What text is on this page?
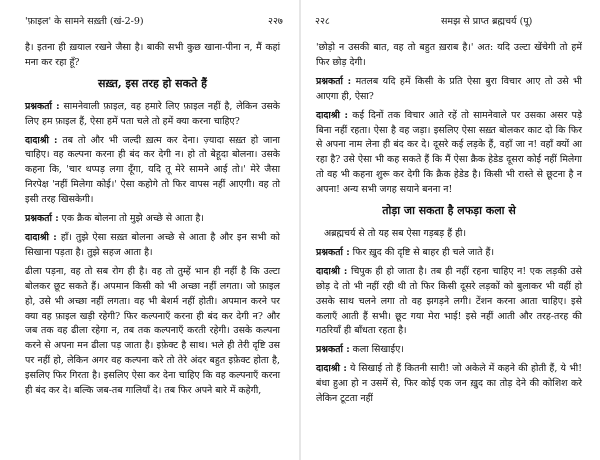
'फ़ाइल' के सामने सख़्ती (खं-2-9)	२२७

है। इतना ही ख़याल रखने जैसा है। बाकी सभी कुछ खाना-पीना न, मैं कहां मना कर रहा हूँ?

सख़्त, इस तरह हो सकते हैं

प्रश्नकर्ता : सामनेवाली फ़ाइल, वह हमारे लिए फ़ाइल नहीं है, लेकिन उसके लिए हम फ़ाइल हैं, ऐसा हमें पता चले तो हमें क्या करना चाहिए?

दादाश्री : तब तो और भी जल्दी ख़त्म कर देना। ज़्यादा सख़्त हो जाना चाहिए। वह कल्पना करना ही बंद कर देगी न। हो तो बेहूदा बोलना। उसके कहना कि, 'चार थप्पड़ लगा दूँगा, यदि तू मेरे सामने आई तो।' मेरे जैसा निरपेक्ष 'नहीं मिलेगा कोई।' ऐसा कहोगे तो फिर वापस नहीं आएगी। वह तो इसी तरह खिसकेगी।

प्रश्नकर्ता : एक क्रैक बोलना तो मुझे अच्छे से आता है।

दादाश्री : हाँ। तुझे ऐसा सख़्त बोलना अच्छे से आता है और इन सभी को सिखाना पड़ता है। तुझे सहज आता है।

ढीला पड़ना, वह तो सब रोग ही है। वह तो तुम्हें भान ही नहीं है कि उल्टा बोलकर छूट सकते हैं। अपमान किसी को भी अच्छा नहीं लगता। जो फ़ाइल हो, उसे भी अच्छा नहीं लगता। वह भी बेशर्म नहीं होती। अपमान करने पर क्या वह फ़ाइल खड़ी रहेगी? फिर कल्पनाएँ करना ही बंद कर देगी न? और जब तक वह ढीला रहेगा न, तब तक कल्पनाएँ करती रहेगी। उसके कल्पना करने से अपना मन ढीला पड़ जाता है। इफ़ेक्ट है साथ। भले ही तेरी दृष्टि उस पर नहीं हो, लेकिन अगर वह कल्पना करे तो तेरे अंदर बहुत इफ़ेक्ट होता है, इसलिए फिर गिरता है। इसलिए ऐसा कर देना चाहिए कि वह कल्पनाएँ करना ही बंद कर दे। बल्कि जब-तब गालियाँ दे। तब फिर अपने बारे में कहेगी,

२२८	समझ से प्राप्त ब्रह्मचर्य (पू)

'छोड़ो न उसकी बात, वह तो बहुत ख़राब है।' अत: यदि उल्टा खेंचेगी तो हमें फिर छोड़ देगी।

प्रश्नकर्ता : मतलब यदि हमें किसी के प्रति ऐसा बुरा विचार आए तो उसे भी आएगा ही, ऐसा?

दादाश्री : कई दिनों तक विचार आते रहें तो सामनेवाले पर उसका असर पड़े बिना नहीं रहता। ऐसा है वह जड़ा। इसलिए ऐसा सख़्त बोलकर काट दो कि फिर से अपना नाम लेना ही बंद कर दे। दूसरे कई लड़के हैं, वहाँ जा न! वहाँ क्यों आ रहा है? उसे ऐसा भी कह सकते हैं कि मैं ऐसा क्रैक हेडेड दूसरा कोई नहीं मिलेगा तो वह भी कहना शुरू कर देगी कि क्रैक हेडेड है। किसी भी रास्ते से छूटना है न अपना! अन्य सभी जगह सयाने बनना न!

तोड़ा जा सकता है लफड़ा कला से

अब्रह्मचर्य से तो यह सब ऐसा गड़बड़ हैं ही।

प्रश्नकर्ता : फिर ख़ुद की दृष्टि से बाहर ही चले जाते हैं।

दादाश्री : चिपुक ही हो जाता है। तब ही नहीं रहना चाहिए न! एक लड़की उसे छोड़ दे तो भी नहीं रही थी तो फिर किसी दूसरे लड़कों को बुलाकर भी वहीं हो उसके साथ चलने लगा तो वह झगड़ने लगी। टेंशन करना आता चाहिए। इसे कलाएँ आती हैं सभी। छूट गया मेरा भाई! इसे नहीं आती और तरह-तरह की गठरियाँ ही बाँधता रहता है।

प्रश्नकर्ता : कला सिखाईए।

दादाश्री : ये सिखाई तो हैं कितनी सारी! जो अकेले में कहने की होती हैं, ये भी! बंधा हुआ हो न उसमें से, फिर कोई एक जन ख़ुद का तोड़ देने की कोशिश करे लेकिन टूटता नहीं
